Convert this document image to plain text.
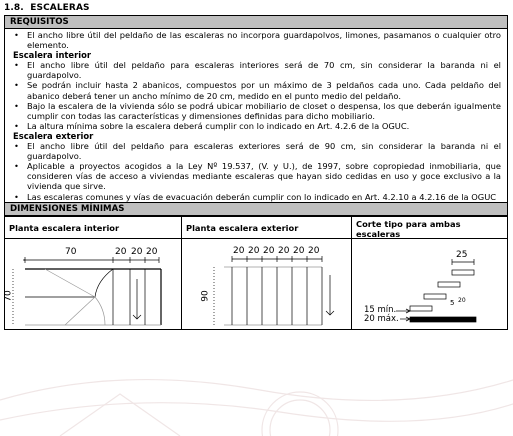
1.8. ESCALERAS
REQUISITOS
• El ancho libre útil del peldaño de las escaleras no incorpora guardapolvos, limones, pasamanos o cualquier otro elemento.
Escalera interior
• El ancho libre útil del peldaño para escaleras interiores será de 70 cm, sin considerar la baranda ni el guardapolvo.
• Se podrán incluir hasta 2 abanicos, compuestos por un máximo de 3 peldaños cada uno. Cada peldaño del abanico deberá tener un ancho mínimo de 20 cm, medido en el punto medio del peldaño.
• Bajo la escalera de la vivienda sólo se podrá ubicar mobiliario de closet o despensa, los que deberán igualmente cumplir con todas las características y dimensiones definidas para dicho mobiliario.
• La altura mínima sobre la escalera deberá cumplir con lo indicado en Art. 4.2.6 de la OGUC.
Escalera exterior
• El ancho libre útil del peldaño para escaleras exteriores será de 90 cm, sin considerar la baranda ni el guardapolvo.
• Aplicable a proyectos acogidos a la Ley Nº 19.537, (V. y U.), de 1997, sobre copropiedad inmobiliaria, que consideren vías de acceso a viviendas mediante escaleras que hayan sido cedidas en uso y goce exclusivo a la vivienda que sirve.
• Las escaleras comunes y vías de evacuación deberán cumplir con lo indicado en Art. 4.2.10 a 4.2.16 de la OGUC
DIMENSIONES MÍNIMAS
Planta escalera interior
70	20 20 20
70
Planta escalera exterior
20 20 20 20 20 20
90
Corte tipo para ambas escaleras
25
5 20
15 mín.
20 máx.
